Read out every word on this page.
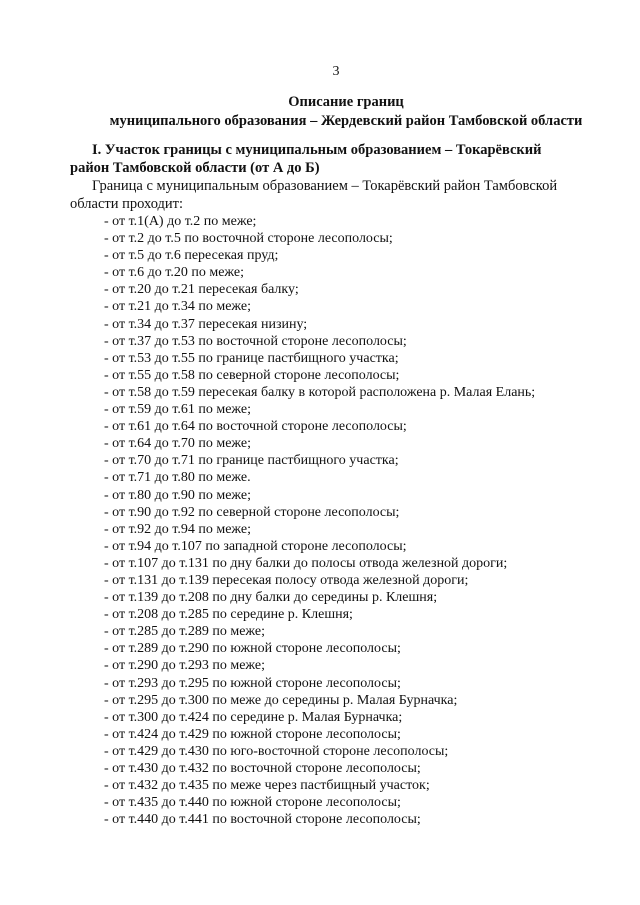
3
Описание границ
муниципального образования – Жердевский район Тамбовской области
I. Участок границы с муниципальным образованием – Токарёвский
район Тамбовской области (от А до Б)
Граница с муниципальным образованием – Токарёвский район Тамбовской
области проходит:
- от т.1(А) до т.2 по меже;
- от т.2 до т.5 по восточной стороне лесополосы;
- от т.5 до т.6 пересекая пруд;
- от т.6 до т.20 по меже;
- от т.20 до т.21 пересекая балку;
- от т.21 до т.34 по меже;
- от т.34 до т.37 пересекая низину;
- от т.37 до т.53 по восточной стороне лесополосы;
- от т.53 до т.55 по границе пастбищного участка;
- от т.55 до т.58 по северной стороне лесополосы;
- от т.58 до т.59 пересекая балку в которой расположена р. Малая Елань;
- от т.59 до т.61 по меже;
- от т.61 до т.64 по восточной стороне лесополосы;
- от т.64 до т.70 по меже;
- от т.70 до т.71 по границе пастбищного участка;
- от т.71 до т.80 по меже.
- от т.80 до т.90 по меже;
- от т.90 до т.92 по северной стороне лесополосы;
- от т.92 до т.94 по меже;
- от т.94 до т.107 по западной стороне лесополосы;
- от т.107 до т.131 по дну балки до полосы отвода железной дороги;
- от т.131 до т.139 пересекая полосу отвода железной дороги;
- от т.139 до т.208 по дну балки до середины р. Клешня;
- от т.208 до т.285 по середине р. Клешня;
- от т.285 до т.289 по меже;
- от т.289 до т.290 по южной стороне лесополосы;
- от т.290 до т.293 по меже;
- от т.293 до т.295 по южной стороне лесополосы;
- от т.295 до т.300 по меже до середины р. Малая Бурначка;
- от т.300 до т.424 по середине р. Малая Бурначка;
- от т.424 до т.429 по южной стороне лесополосы;
- от т.429 до т.430 по юго-восточной стороне лесополосы;
- от т.430 до т.432 по восточной стороне лесополосы;
- от т.432 до т.435 по меже через пастбищный участок;
- от т.435 до т.440 по южной стороне лесополосы;
- от т.440 до т.441 по восточной стороне лесополосы;
